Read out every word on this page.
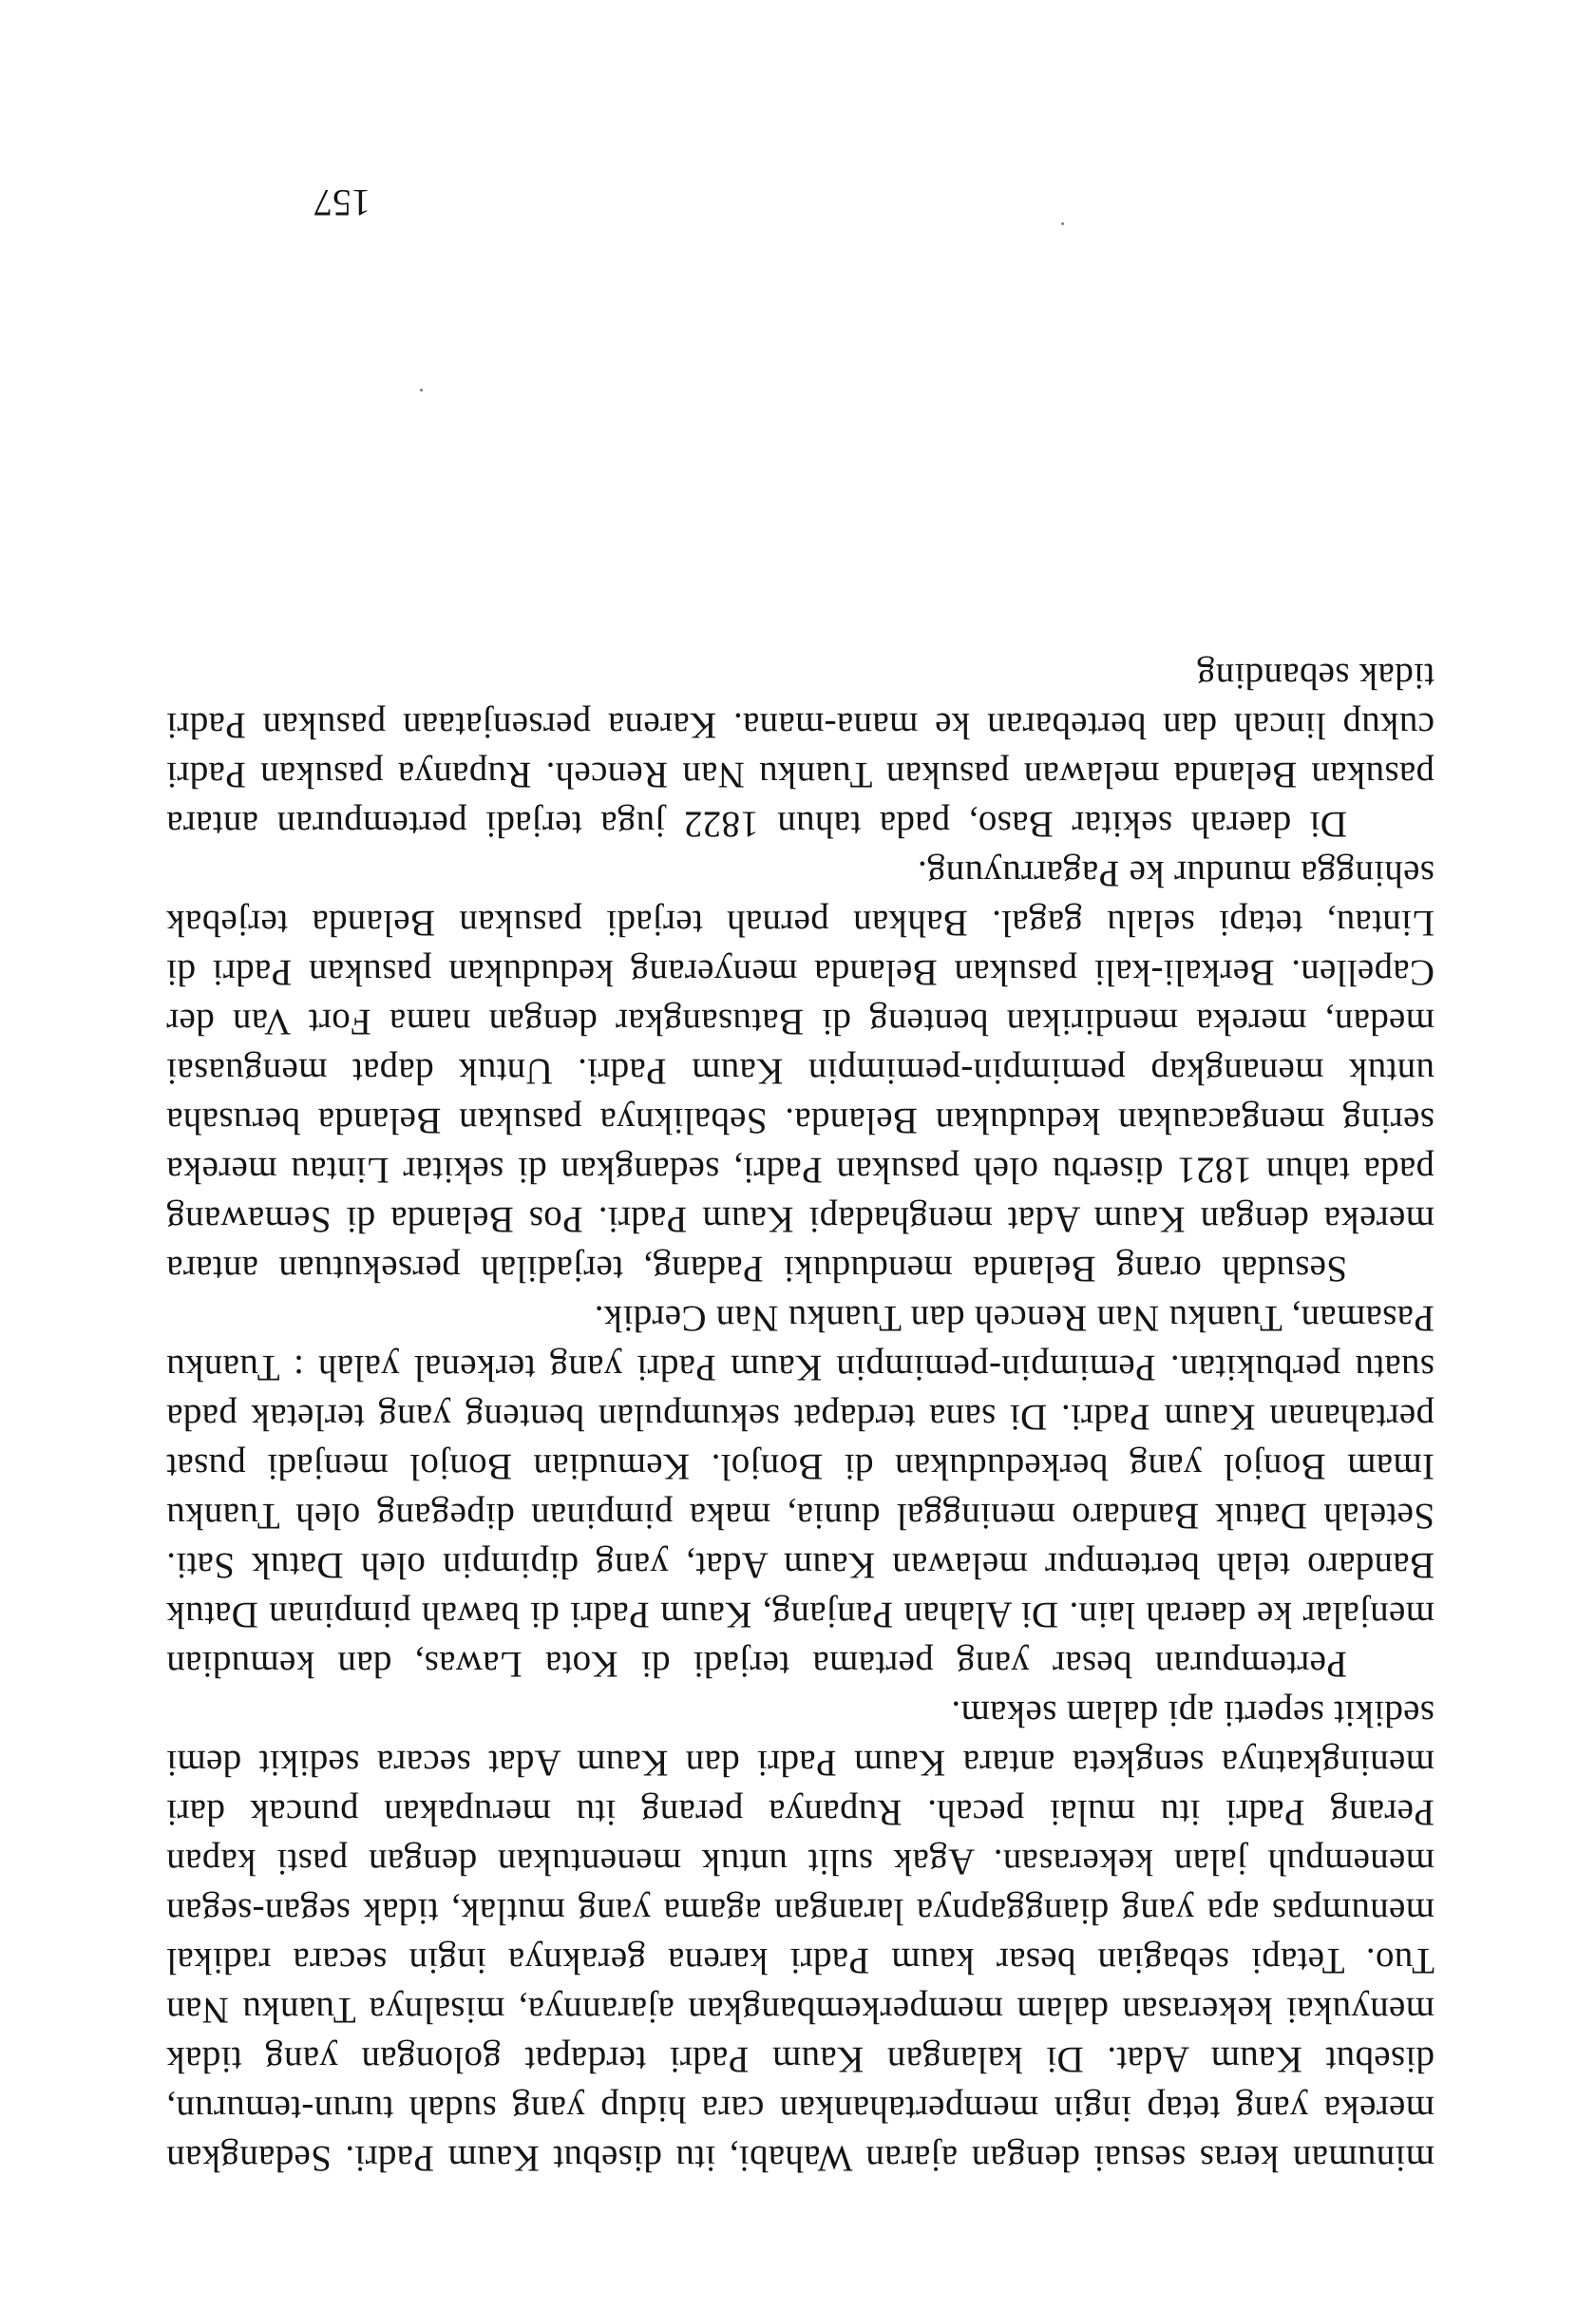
minuman keras sesuai dengan ajaran Wahabi, itu disebut Kaum Padri. Sedangkan mereka yang tetap ingin mempertahankan cara hidup yang sudah turun-temurun, disebut Kaum Adat. Di kalangan Kaum Padri terdapat golongan yang tidak menyukai kekerasan dalam memperkembangkan ajarannya, misalnya Tuanku Nan Tuo. Tetapi sebagian besar kaum Padri karena geraknya ingin secara radikal menumpas apa yang dianggapnya larangan agama yang mutlak, tidak segan-segan menempuh jalan kekerasan. Agak sulit untuk menentukan dengan pasti kapan Perang Padri itu mulai pecah. Rupanya perang itu merupakan puncak dari meningkatnya sengketa antara Kaum Padri dan Kaum Adat secara sedikit demi sedikit seperti api dalam sekam.

Pertempuran besar yang pertama terjadi di Kota Lawas, dan kemudian menjalar ke daerah lain. Di Alahan Panjang, Kaum Padri di bawah pimpinan Datuk Bandaro telah bertempur melawan Kaum Adat, yang dipimpin oleh Datuk Sati. Setelah Datuk Bandaro meninggal dunia, maka pimpinan dipegang oleh Tuanku Imam Bonjol yang berkedudukan di Bonjol. Kemudian Bonjol menjadi pusat pertahanan Kaum Padri. Di sana terdapat sekumpulan benteng yang terletak pada suatu perbukitan. Pemimpin-pemimpin Kaum Padri yang terkenal yalah : Tuanku Pasaman, Tuanku Nan Renceh dan Tuanku Nan Cerdik.

Sesudah orang Belanda menduduki Padang, terjadilah persekutuan antara mereka dengan Kaum Adat menghadapi Kaum Padri. Pos Belanda di Semawang pada tahun 1821 diserbu oleh pasukan Padri, sedangkan di sekitar Lintau mereka sering mengacaukan kedudukan Belanda. Sebaliknya pasukan Belanda berusaha untuk menangkap pemimpin-pemimpin Kaum Padri. Untuk dapat menguasai medan, mereka mendirikan benteng di Batusangkar dengan nama Fort Van der Capellen. Berkali-kali pasukan Belanda menyerang kedudukan pasukan Padri di Lintau, tetapi selalu gagal. Bahkan pernah terjadi pasukan Belanda terjebak sehingga mundur ke Pagarruyung.

Di daerah sekitar Baso, pada tahun 1822 juga terjadi pertempuran antara pasukan Belanda melawan pasukan Tuanku Nan Renceh. Rupanya pasukan Padri cukup lincah dan bertebaran ke mana-mana. Karena persenjataan pasukan Padri tidak sebanding

157
